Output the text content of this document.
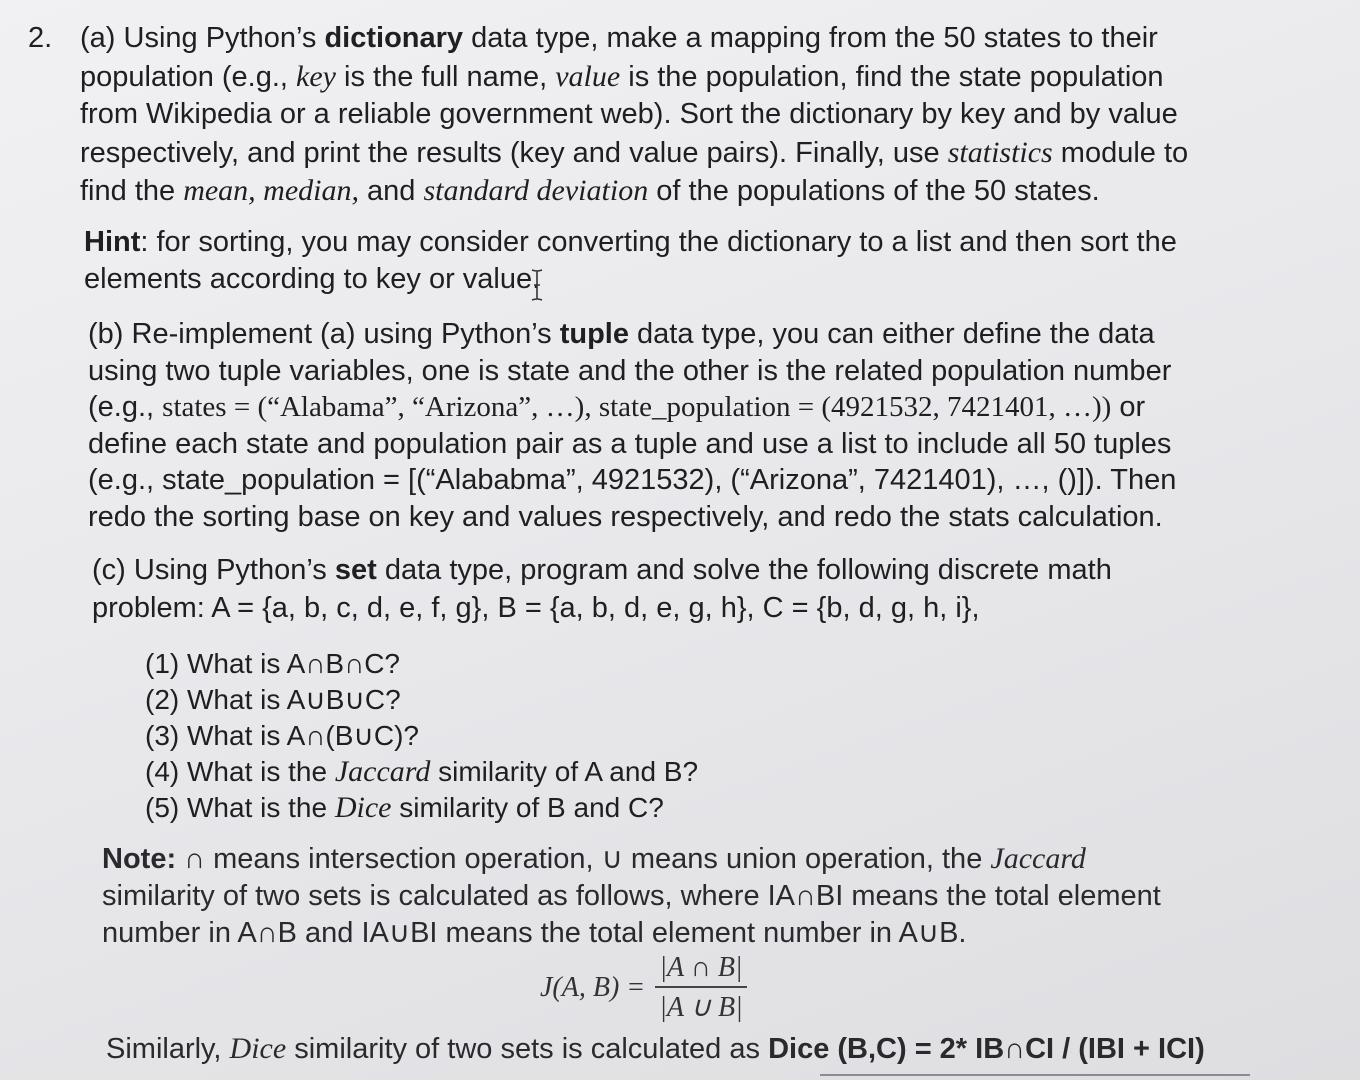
2. (a) Using Python’s dictionary data type, make a mapping from the 50 states to their
population (e.g., key is the full name, value is the population, find the state population
from Wikipedia or a reliable government web). Sort the dictionary by key and by value
respectively, and print the results (key and value pairs). Finally, use statistics module to
find the mean, median, and standard deviation of the populations of the 50 states.
Hint: for sorting, you may consider converting the dictionary to a list and then sort the
elements according to key or value.
(b) Re-implement (a) using Python’s tuple data type, you can either define the data
using two tuple variables, one is state and the other is the related population number
(e.g., states = (“Alabama”, “Arizona”, …), state_population = (4921532, 7421401, …)) or
define each state and population pair as a tuple and use a list to include all 50 tuples
(e.g., state_population = [(“Alababma”, 4921532), (“Arizona”, 7421401), …, ()]). Then
redo the sorting base on key and values respectively, and redo the stats calculation.
(c) Using Python’s set data type, program and solve the following discrete math
problem: A = {a, b, c, d, e, f, g}, B = {a, b, d, e, g, h}, C = {b, d, g, h, i},
(1) What is A∩B∩C?
(2) What is A∪B∪C?
(3) What is A∩(B∪C)?
(4) What is the Jaccard similarity of A and B?
(5) What is the Dice similarity of B and C?
Note: ∩ means intersection operation, ∪ means union operation, the Jaccard
similarity of two sets is calculated as follows, where IA∩BI means the total element
number in A∩B and IA∪BI means the total element number in A∪B.
J(A, $B) = \frac{|A \cap B|}{|A \cup B|}$
Similarly, Dice similarity of two sets is calculated as Dice (B,C) = 2* IB∩CI / (IBI + ICI)
